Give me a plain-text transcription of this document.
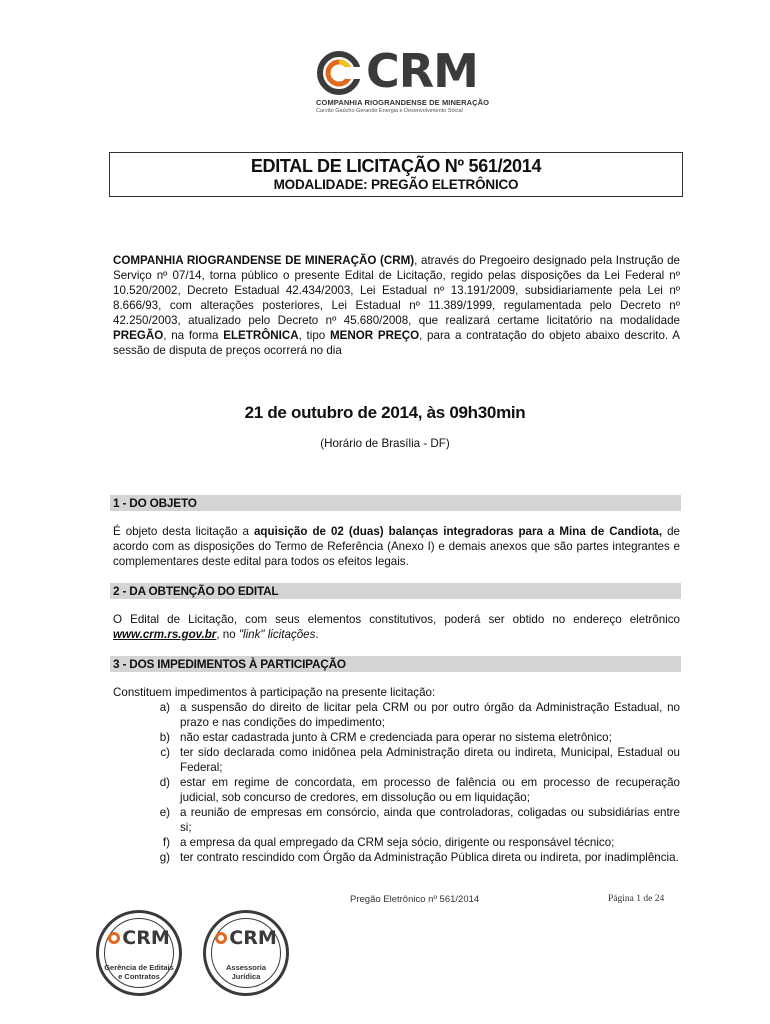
CRM
COMPANHIA RIOGRANDENSE DE MINERAÇÃO
Carvão Gaúcho Gerando Energia e Desenvolvimento Social
EDITAL DE LICITAÇÃO Nº 561/2014
MODALIDADE: PREGÃO ELETRÔNICO
COMPANHIA RIOGRANDENSE DE MINERAÇÃO (CRM), através do Pregoeiro designado pela Instrução de Serviço nº 07/14, torna público o presente Edital de Licitação, regido pelas disposições da Lei Federal nº 10.520/2002, Decreto Estadual 42.434/2003, Lei Estadual nº 13.191/2009, subsidiariamente pela Lei nº 8.666/93, com alterações posteriores, Lei Estadual nº 11.389/1999, regulamentada pelo Decreto nº 42.250/2003, atualizado pelo Decreto nº 45.680/2008, que realizará certame licitatório na modalidade PREGÃO, na forma ELETRÔNICA, tipo MENOR PREÇO, para a contratação do objeto abaixo descrito. A sessão de disputa de preços ocorrerá no dia
21 de outubro de 2014, às 09h30min
(Horário de Brasília - DF)
1 - DO OBJETO
É objeto desta licitação a aquisição de 02 (duas) balanças integradoras para a Mina de Candiota, de acordo com as disposições do Termo de Referência (Anexo I) e demais anexos que são partes integrantes e complementares deste edital para todos os efeitos legais.
2 - DA OBTENÇÃO DO EDITAL
O Edital de Licitação, com seus elementos constitutivos, poderá ser obtido no endereço eletrônico www.crm.rs.gov.br, no "link" licitações.
3 - DOS IMPEDIMENTOS À PARTICIPAÇÃO
Constituem impedimentos à participação na presente licitação:
a) a suspensão do direito de licitar pela CRM ou por outro órgão da Administração Estadual, no prazo e nas condições do impedimento;
b) não estar cadastrada junto à CRM e credenciada para operar no sistema eletrônico;
c) ter sido declarada como inidônea pela Administração direta ou indireta, Municipal, Estadual ou Federal;
d) estar em regime de concordata, em processo de falência ou em processo de recuperação judicial, sob concurso de credores, em dissolução ou em liquidação;
e) a reunião de empresas em consórcio, ainda que controladoras, coligadas ou subsidiárias entre si;
f) a empresa da qual empregado da CRM seja sócio, dirigente ou responsável técnico;
g) ter contrato rescindido com Órgão da Administração Pública direta ou indireta, por inadimplência.
Pregão Eletrônico nº 561/2014	Página 1 de 24
CRM
Gerência de Editais
e Contratos
CRM
Assessoria
Jurídica
